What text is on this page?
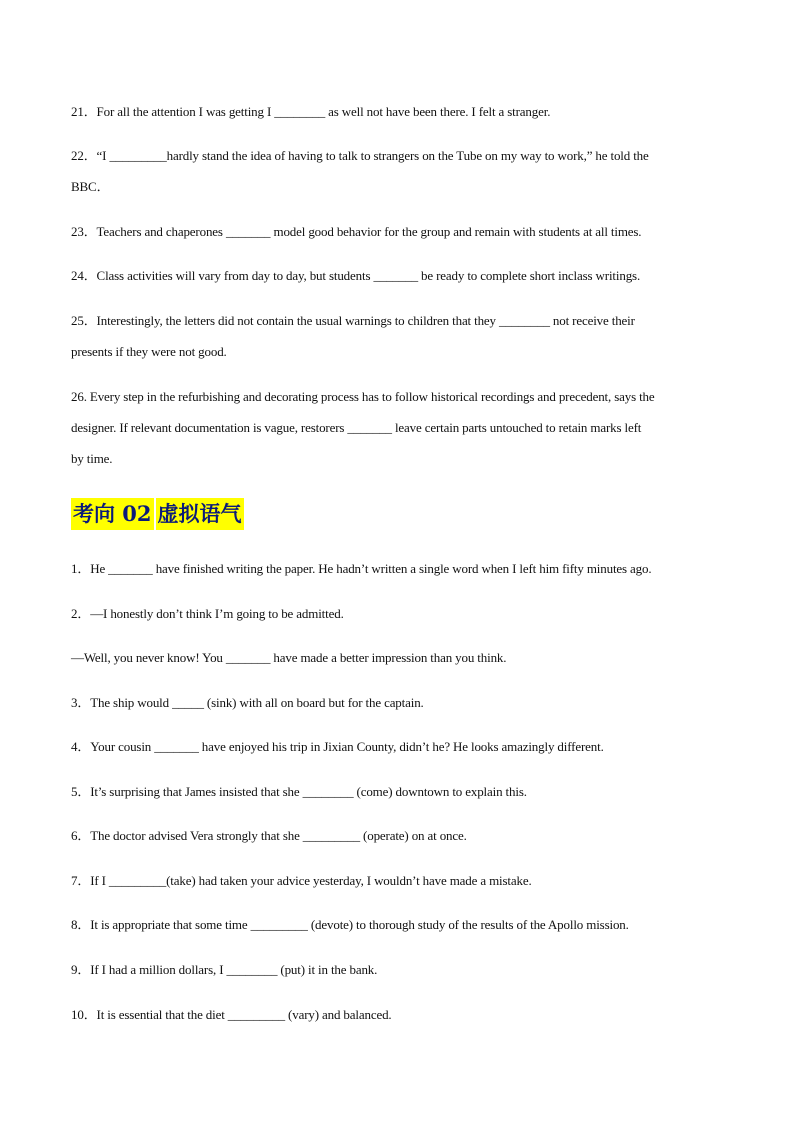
21．For all the attention I was getting I ________ as well not have been there. I felt a stranger.
22．“I _________hardly stand the idea of having to talk to strangers on the Tube on my way to work,” he told the
BBC．
23．Teachers and chaperones _______ model good behavior for the group and remain with students at all times.
24．Class activities will vary from day to day, but students _______ be ready to complete short inclass writings.
25．Interestingly, the letters did not contain the usual warnings to children that they ________ not receive their
presents if they were not good.
26. Every step in the refurbishing and decorating process has to follow historical recordings and precedent, says the
designer. If relevant documentation is vague, restorers _______ leave certain parts untouched to retain marks left
by time.
考向 02 虚拟语气
1．He _______ have finished writing the paper. He hadn’t written a single word when I left him fifty minutes ago.
2．—I honestly don’t think I’m going to be admitted.
—Well, you never know! You _______ have made a better impression than you think.
3．The ship would _____ (sink) with all on board but for the captain.
4．Your cousin _______ have enjoyed his trip in Jixian County, didn’t he? He looks amazingly different.
5．It’s surprising that James insisted that she ________ (come) downtown to explain this.
6．The doctor advised Vera strongly that she _________ (operate) on at once.
7．If I _________(take) had taken your advice yesterday, I wouldn’t have made a mistake.
8．It is appropriate that some time _________ (devote) to thorough study of the results of the Apollo mission.
9．If I had a million dollars, I ________ (put) it in the bank.
10．It is essential that the diet _________ (vary) and balanced.
